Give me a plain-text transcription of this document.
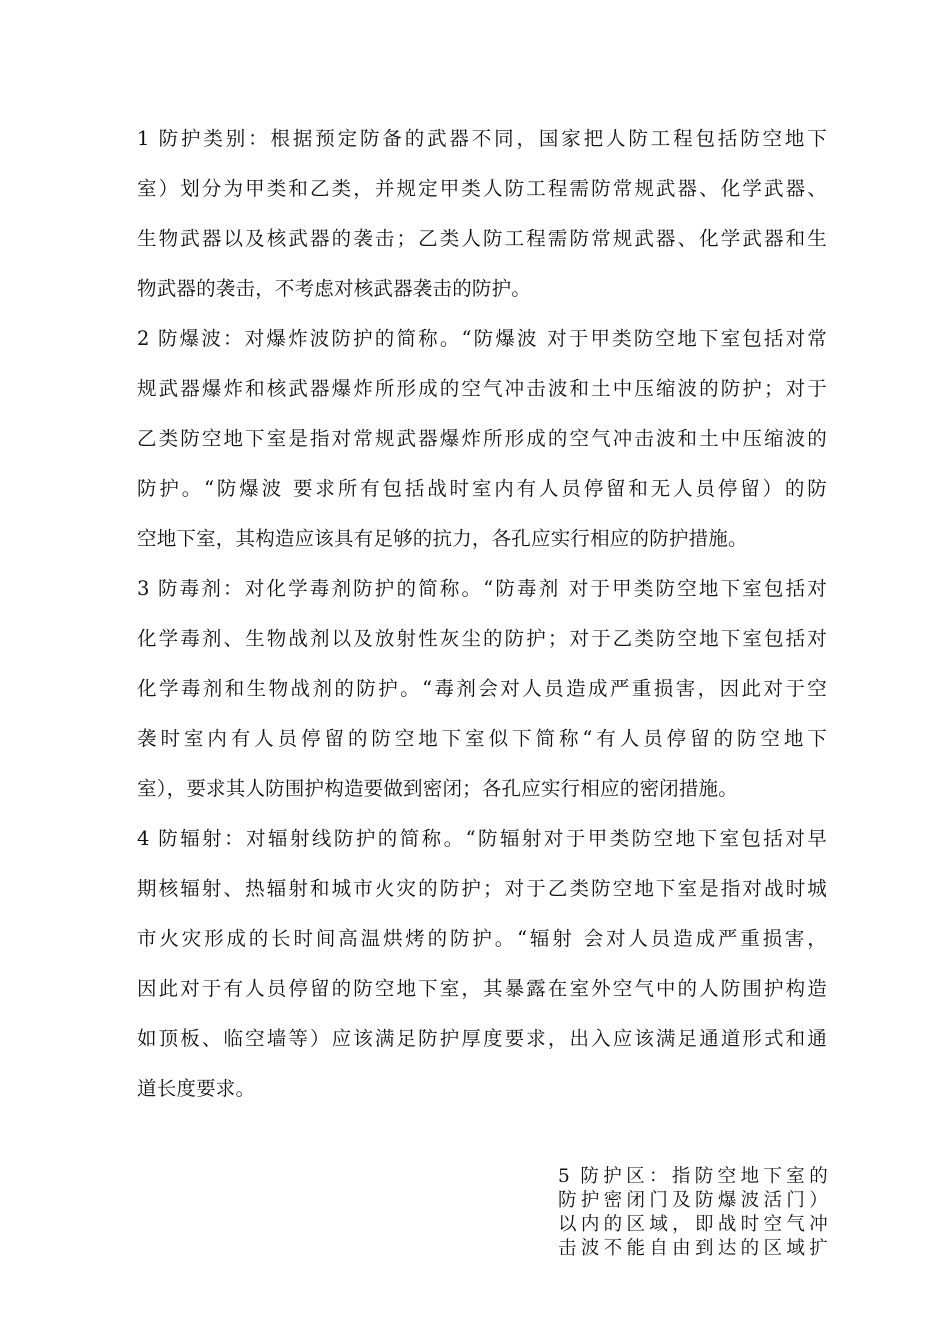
1 防护类别：根据预定防备的武器不同，国家把人防工程包括防空地下
室）划分为甲类和乙类，并规定甲类人防工程需防常规武器、化学武器、
生物武器以及核武器的袭击；乙类人防工程需防常规武器、化学武器和生
物武器的袭击，不考虑对核武器袭击的防护。
2 防爆波：对爆炸波防护的简称。“防爆波 对于甲类防空地下室包括对常
规武器爆炸和核武器爆炸所形成的空气冲击波和土中压缩波的防护；对于
乙类防空地下室是指对常规武器爆炸所形成的空气冲击波和土中压缩波的
防护。“防爆波 要求所有包括战时室内有人员停留和无人员停留）的防
空地下室，其构造应该具有足够的抗力，各孔应实行相应的防护措施。
3 防毒剂：对化学毒剂防护的简称。“防毒剂 对于甲类防空地下室包括对
化学毒剂、生物战剂以及放射性灰尘的防护；对于乙类防空地下室包括对
化学毒剂和生物战剂的防护。“毒剂会对人员造成严重损害，因此对于空
袭时室内有人员停留的防空地下室似下简称“有人员停留的防空地下
室），要求其人防围护构造要做到密闭；各孔应实行相应的密闭措施。
4 防辐射：对辐射线防护的简称。“防辐射对于甲类防空地下室包括对早
期核辐射、热辐射和城市火灾的防护；对于乙类防空地下室是指对战时城
市火灾形成的长时间高温烘烤的防护。“辐射 会对人员造成严重损害，
因此对于有人员停留的防空地下室，其暴露在室外空气中的人防围护构造
如顶板、临空墙等）应该满足防护厚度要求，出入应该满足通道形式和通
道长度要求。
5 防护区：指防空地下室的
防护密闭门及防爆波活门）
以内的区域，即战时空气冲
击波不能自由到达的区域扩
